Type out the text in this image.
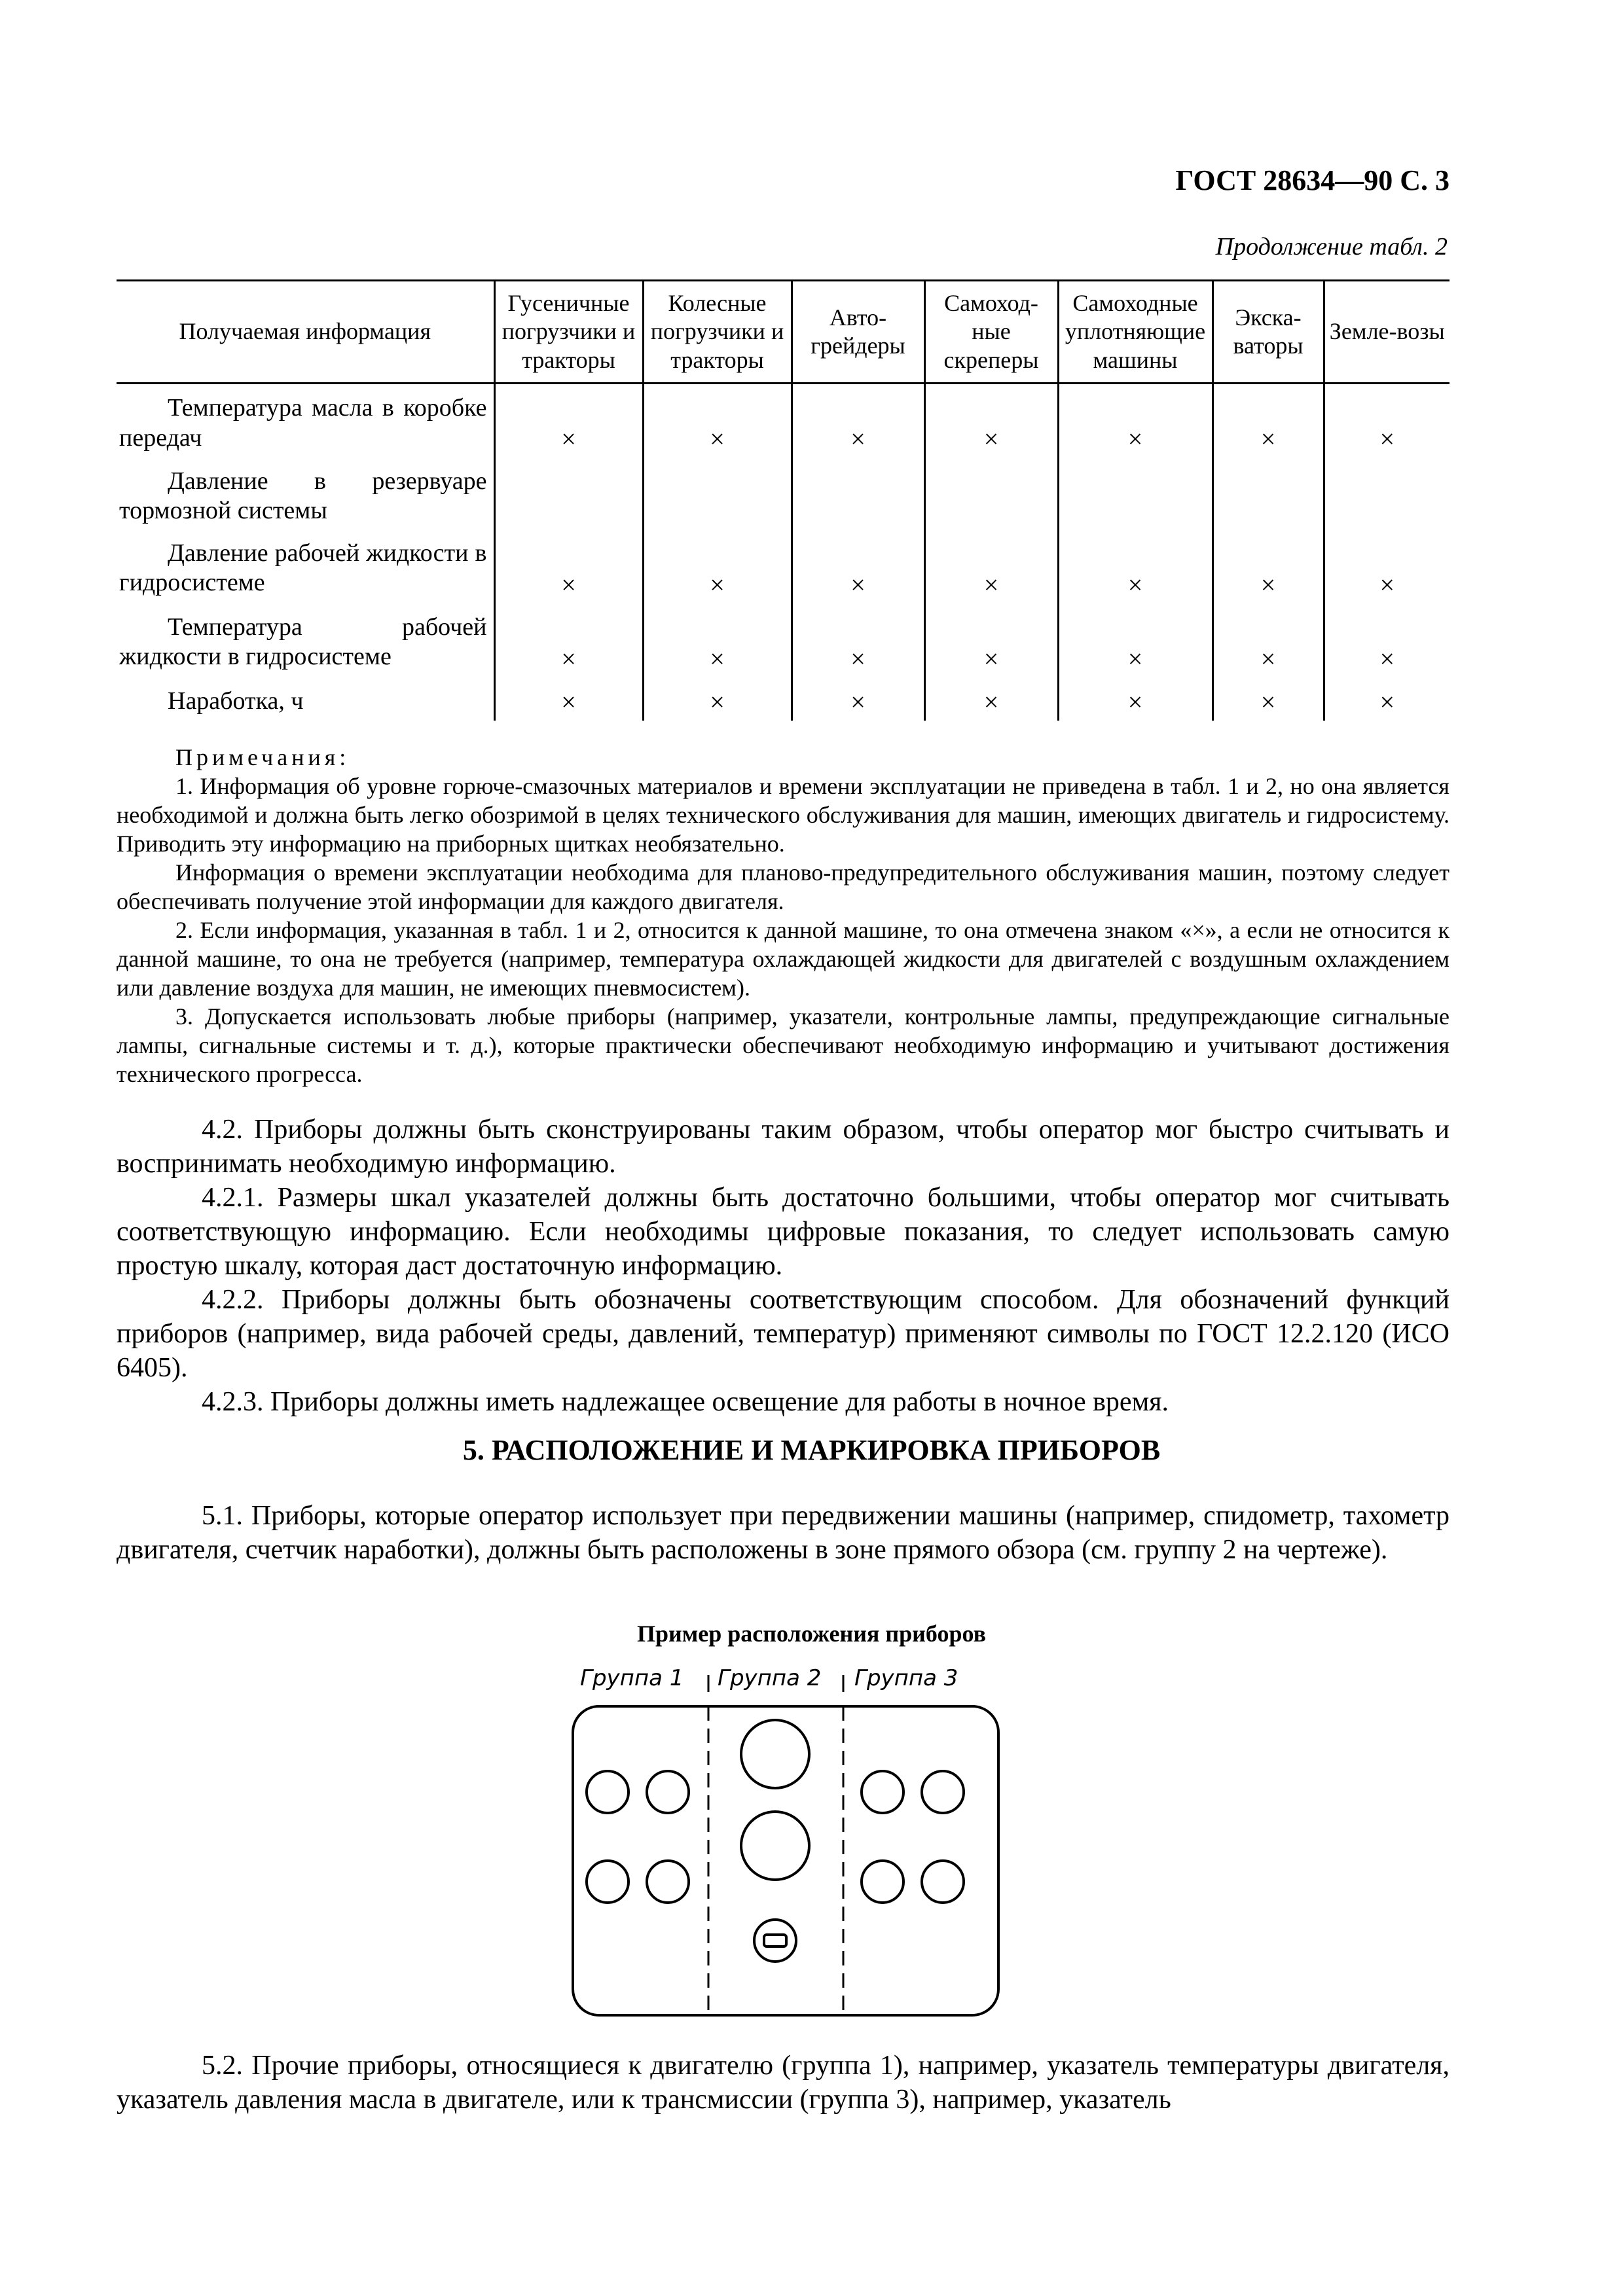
ГОСТ 28634—90 С. 3
Продолжение табл. 2
Получаемая информация	Гусеничные погрузчики и тракторы	Колесные погрузчики и тракторы	Авто-грейдеры	Самоход-ные скреперы	Самоходные уплотняющие машины	Экска-ваторы	Земле-возы
Температура масла в коробке передач	×	×	×	×	×	×	×
Давление в резервуаре тормозной системы							
Давление рабочей жидкости в гидросистеме	×	×	×	×	×	×	×
Температура рабочей жидкости в гидросистеме	×	×	×	×	×	×	×
Наработка, ч	×	×	×	×	×	×	×

Примечания:

1. Информация об уровне горюче-смазочных материалов и времени эксплуатации не приведена в табл. 1 и 2, но она является необходимой и должна быть легко обозримой в целях технического обслуживания для машин, имеющих двигатель и гидросистему. Приводить эту информацию на приборных щитках необязательно.

Информация о времени эксплуатации необходима для планово-предупредительного обслуживания машин, поэтому следует обеспечивать получение этой информации для каждого двигателя.

2. Если информация, указанная в табл. 1 и 2, относится к данной машине, то она отмечена знаком «×», а если не относится к данной машине, то она не требуется (например, температура охлаждающей жидкости для двигателей с воздушным охлаждением или давление воздуха для машин, не имеющих пневмосистем).

3. Допускается использовать любые приборы (например, указатели, контрольные лампы, предупреждающие сигнальные лампы, сигнальные системы и т. д.), которые практически обеспечивают необходимую информацию и учитывают достижения технического прогресса.

4.2. Приборы должны быть сконструированы таким образом, чтобы оператор мог быстро считывать и воспринимать необходимую информацию.

4.2.1. Размеры шкал указателей должны быть достаточно большими, чтобы оператор мог считывать соответствующую информацию. Если необходимы цифровые показания, то следует использовать самую простую шкалу, которая даст достаточную информацию.

4.2.2. Приборы должны быть обозначены соответствующим способом. Для обозначений функций приборов (например, вида рабочей среды, давлений, температур) применяют символы по ГОСТ 12.2.120 (ИСО 6405).

4.2.3. Приборы должны иметь надлежащее освещение для работы в ночное время.

5. РАСПОЛОЖЕНИЕ И МАРКИРОВКА ПРИБОРОВ

5.1. Приборы, которые оператор использует при передвижении машины (например, спидометр, тахометр двигателя, счетчик наработки), должны быть расположены в зоне прямого обзора (см. группу 2 на чертеже).

Пример расположения приборов
Группа 1 Группа 2 Группа 3

5.2. Прочие приборы, относящиеся к двигателю (группа 1), например, указатель температуры двигателя, указатель давления масла в двигателе, или к трансмиссии (группа 3), например, указатель
